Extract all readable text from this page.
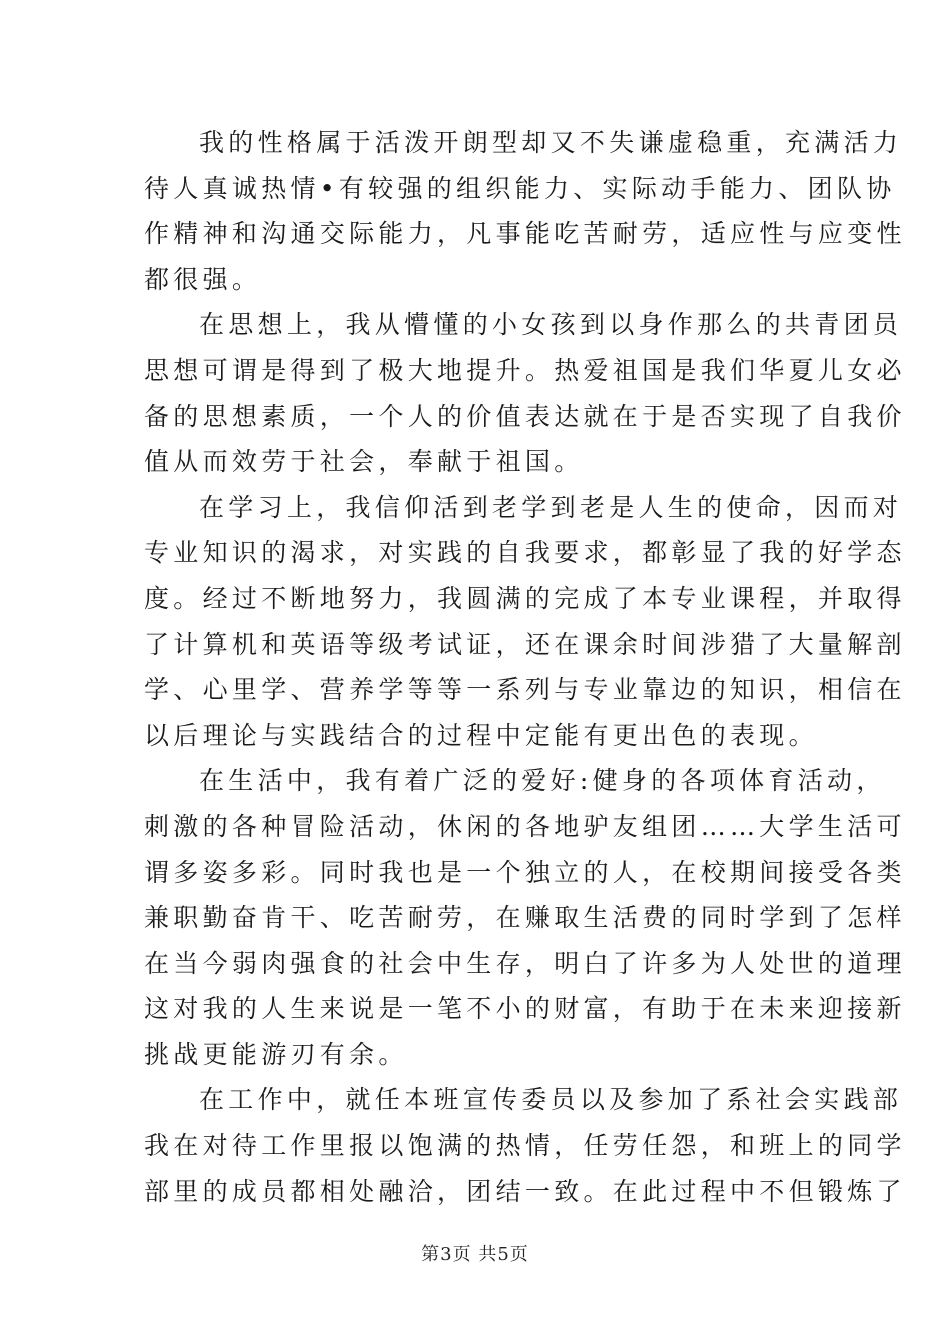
我的性格属于活泼开朗型却又不失谦虚稳重，充满活力
待人真诚热情•有较强的组织能力、实际动手能力、团队协
作精神和沟通交际能力，凡事能吃苦耐劳，适应性与应变性
都很强。

在思想上，我从懵懂的小女孩到以身作那么的共青团员
思想可谓是得到了极大地提升。热爱祖国是我们华夏儿女必
备的思想素质，一个人的价值表达就在于是否实现了自我价
值从而效劳于社会，奉献于祖国。

在学习上，我信仰活到老学到老是人生的使命，因而对
专业知识的渴求，对实践的自我要求，都彰显了我的好学态
度。经过不断地努力，我圆满的完成了本专业课程，并取得
了计算机和英语等级考试证，还在课余时间涉猎了大量解剖
学、心里学、营养学等等一系列与专业靠边的知识，相信在
以后理论与实践结合的过程中定能有更出色的表现。

在生活中，我有着广泛的爱好:健身的各项体育活动，
刺激的各种冒险活动，休闲的各地驴友组团……大学生活可
谓多姿多彩。同时我也是一个独立的人，在校期间接受各类
兼职勤奋肯干、吃苦耐劳，在赚取生活费的同时学到了怎样
在当今弱肉强食的社会中生存，明白了许多为人处世的道理
这对我的人生来说是一笔不小的财富，有助于在未来迎接新
挑战更能游刃有余。

在工作中，就任本班宣传委员以及参加了系社会实践部
我在对待工作里报以饱满的热情，任劳任怨，和班上的同学
部里的成员都相处融洽，团结一致。在此过程中不但锻炼了

第3页 共5页
